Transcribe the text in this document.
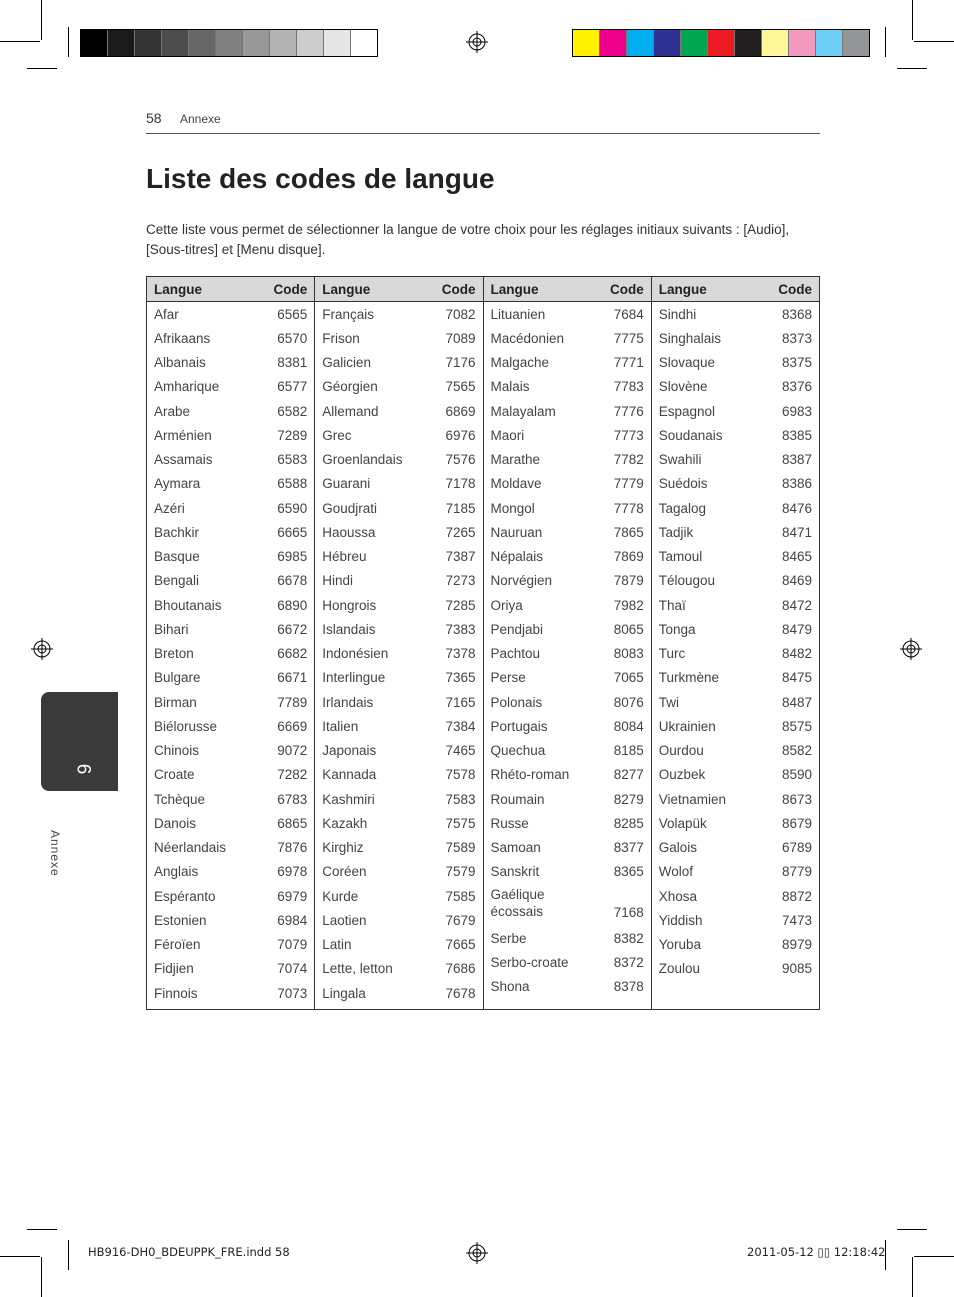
58 Annexe
Liste des codes de langue
Cette liste vous permet de sélectionner la langue de votre choix pour les réglages initiaux suivants : [Audio], [Sous-titres] et [Menu disque].
Langue	Code
Afar	6565
Afrikaans	6570
Albanais	8381
Amharique	6577
Arabe	6582
Arménien	7289
Assamais	6583
Aymara	6588
Azéri	6590
Bachkir	6665
Basque	6985
Bengali	6678
Bhoutanais	6890
Bihari	6672
Breton	6682
Bulgare	6671
Birman	7789
Biélorusse	6669
Chinois	9072
Croate	7282
Tchèque	6783
Danois	6865
Néerlandais	7876
Anglais	6978
Espéranto	6979
Estonien	6984
Féroïen	7079
Fidjien	7074
Finnois	7073
Langue	Code
Français	7082
Frison	7089
Galicien	7176
Géorgien	7565
Allemand	6869
Grec	6976
Groenlandais	7576
Guarani	7178
Goudjrati	7185
Haoussa	7265
Hébreu	7387
Hindi	7273
Hongrois	7285
Islandais	7383
Indonésien	7378
Interlingue	7365
Irlandais	7165
Italien	7384
Japonais	7465
Kannada	7578
Kashmiri	7583
Kazakh	7575
Kirghiz	7589
Coréen	7579
Kurde	7585
Laotien	7679
Latin	7665
Lette, letton	7686
Lingala	7678
Langue	Code
Lituanien	7684
Macédonien	7775
Malgache	7771
Malais	7783
Malayalam	7776
Maori	7773
Marathe	7782
Moldave	7779
Mongol	7778
Nauruan	7865
Népalais	7869
Norvégien	7879
Oriya	7982
Pendjabi	8065
Pachtou	8083
Perse	7065
Polonais	8076
Portugais	8084
Quechua	8185
Rhéto-roman	8277
Roumain	8279
Russe	8285
Samoan	8377
Sanskrit	8365
Gaélique écossais	7168
Serbe	8382
Serbo-croate	8372
Shona	8378
Langue	Code
Sindhi	8368
Singhalais	8373
Slovaque	8375
Slovène	8376
Espagnol	6983
Soudanais	8385
Swahili	8387
Suédois	8386
Tagalog	8476
Tadjik	8471
Tamoul	8465
Télougou	8469
Thaï	8472
Tonga	8479
Turc	8482
Turkmène	8475
Twi	8487
Ukrainien	8575
Ourdou	8582
Ouzbek	8590
Vietnamien	8673
Volapük	8679
Galois	6789
Wolof	8779
Xhosa	8872
Yiddish	7473
Yoruba	8979
Zoulou	9085
6
Annexe
HB916-DH0_BDEUPPK_FRE.indd 58	2011-05-12 ▯▯ 12:18:42
